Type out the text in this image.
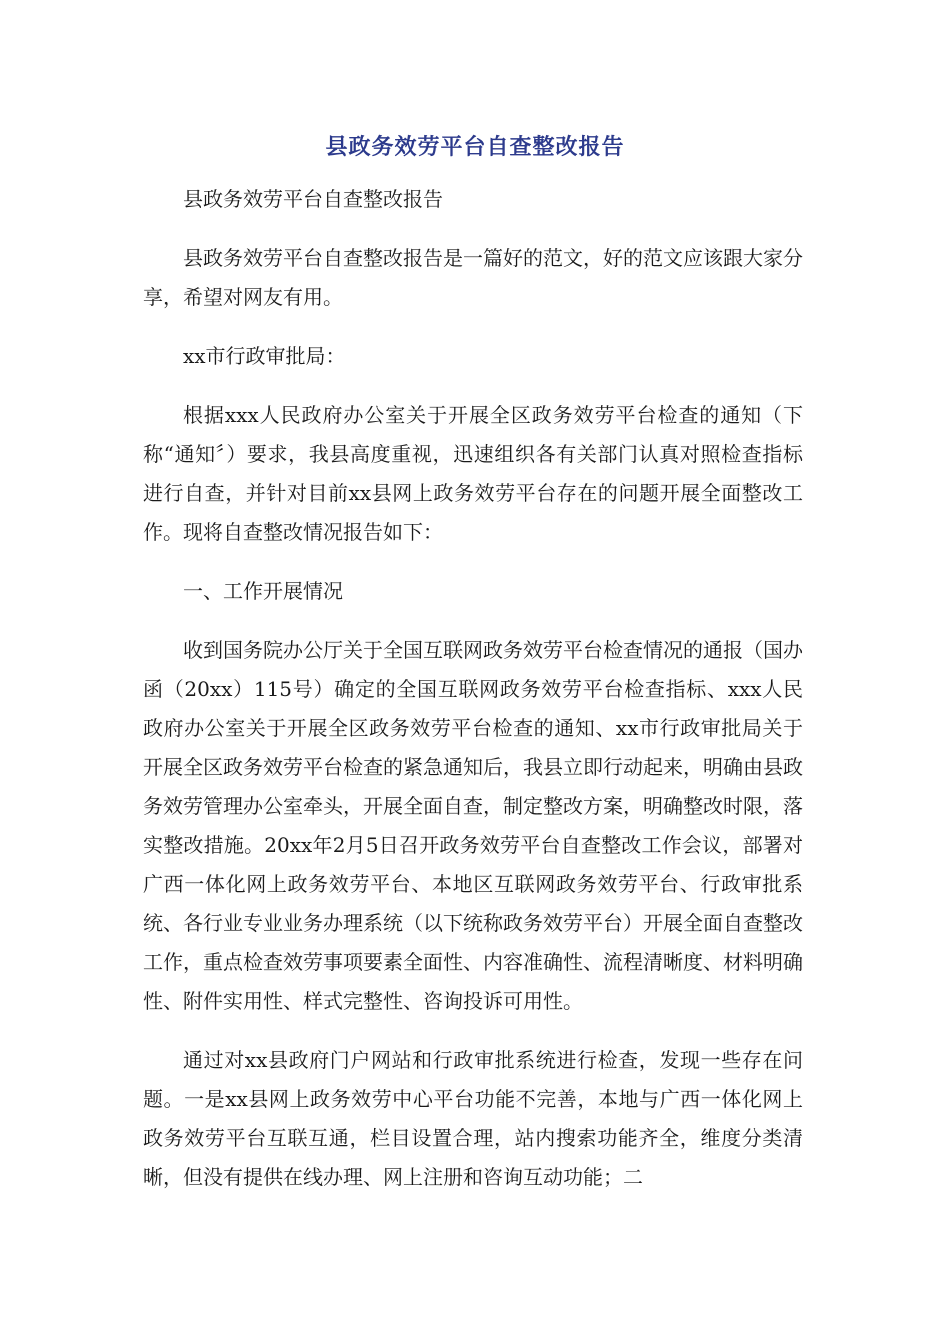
县政务效劳平台自查整改报告

县政务效劳平台自查整改报告

县政务效劳平台自查整改报告是一篇好的范文，好的范文应该跟大家分享，希望对网友有用。

xx市行政审批局：

根据xxx人民政府办公室关于开展全区政务效劳平台检查的通知（下称“通知〞）要求，我县高度重视，迅速组织各有关部门认真对照检查指标进行自查，并针对目前xx县网上政务效劳平台存在的问题开展全面整改工作。现将自查整改情况报告如下：

一、工作开展情况

收到国务院办公厅关于全国互联网政务效劳平台检查情况的通报（国办函（20xx）115号）确定的全国互联网政务效劳平台检查指标、xxx人民政府办公室关于开展全区政务效劳平台检查的通知、xx市行政审批局关于开展全区政务效劳平台检查的紧急通知后，我县立即行动起来，明确由县政务效劳管理办公室牵头，开展全面自查，制定整改方案，明确整改时限，落实整改措施。20xx年2月5日召开政务效劳平台自查整改工作会议，部署对广西一体化网上政务效劳平台、本地区互联网政务效劳平台、行政审批系统、各行业专业业务办理系统（以下统称政务效劳平台）开展全面自查整改工作，重点检查效劳事项要素全面性、内容准确性、流程清晰度、材料明确性、附件实用性、样式完整性、咨询投诉可用性。

通过对xx县政府门户网站和行政审批系统进行检查，发现一些存在问题。一是xx县网上政务效劳中心平台功能不完善，本地与广西一体化网上政务效劳平台互联互通，栏目设置合理，站内搜索功能齐全，维度分类清晰，但没有提供在线办理、网上注册和咨询互动功能；二
